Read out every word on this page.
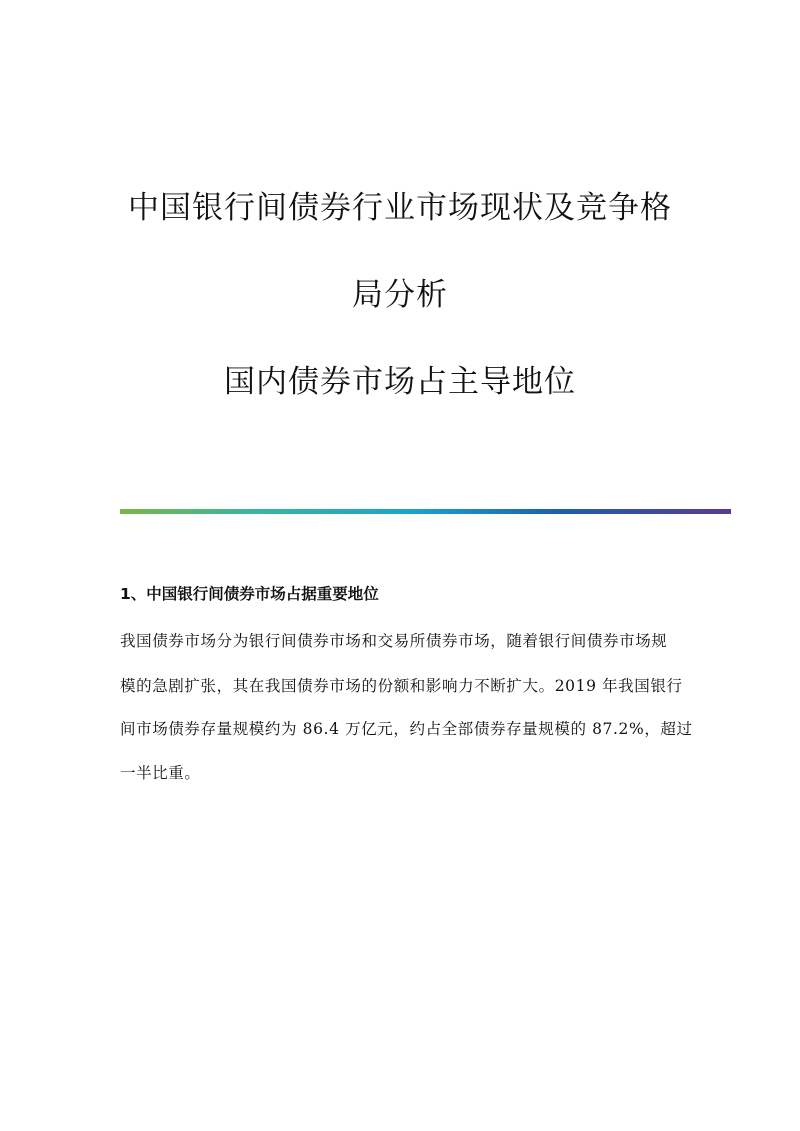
中国银行间债券行业市场现状及竞争格
局分析
国内债券市场占主导地位
1、中国银行间债券市场占据重要地位
我国债券市场分为银行间债券市场和交易所债券市场，随着银行间债券市场规
模的急剧扩张，其在我国债券市场的份额和影响力不断扩大。2019 年我国银行
间市场债券存量规模约为 86.4 万亿元，约占全部债券存量规模的 87.2%，超过
一半比重。
